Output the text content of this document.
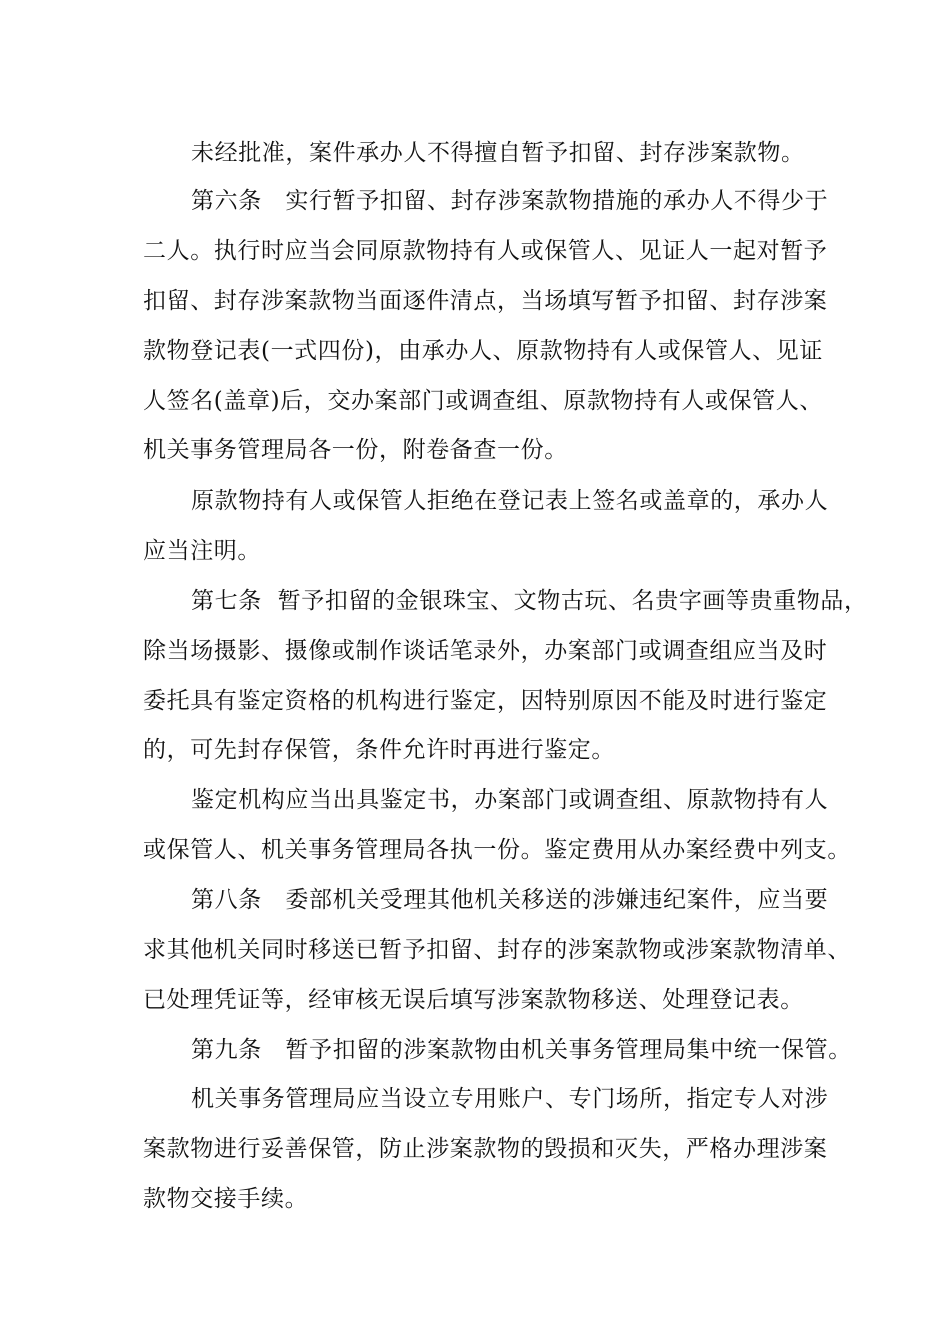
未经批准，案件承办人不得擅自暂予扣留、封存涉案款物。
第六条　实行暂予扣留、封存涉案款物措施的承办人不得少于
二人。执行时应当会同原款物持有人或保管人、见证人一起对暂予
扣留、封存涉案款物当面逐件清点，当场填写暂予扣留、封存涉案
款物登记表(一式四份)，由承办人、原款物持有人或保管人、见证
人签名(盖章)后，交办案部门或调查组、原款物持有人或保管人、
机关事务管理局各一份，附卷备查一份。
原款物持有人或保管人拒绝在登记表上签名或盖章的，承办人
应当注明。
第七条  暂予扣留的金银珠宝、文物古玩、名贵字画等贵重物品，
除当场摄影、摄像或制作谈话笔录外，办案部门或调查组应当及时
委托具有鉴定资格的机构进行鉴定，因特别原因不能及时进行鉴定
的，可先封存保管，条件允许时再进行鉴定。
鉴定机构应当出具鉴定书，办案部门或调查组、原款物持有人
或保管人、机关事务管理局各执一份。鉴定费用从办案经费中列支。
第八条　委部机关受理其他机关移送的涉嫌违纪案件，应当要
求其他机关同时移送已暂予扣留、封存的涉案款物或涉案款物清单、
已处理凭证等，经审核无误后填写涉案款物移送、处理登记表。
第九条　暂予扣留的涉案款物由机关事务管理局集中统一保管。
机关事务管理局应当设立专用账户、专门场所，指定专人对涉
案款物进行妥善保管，防止涉案款物的毁损和灭失，严格办理涉案
款物交接手续。
